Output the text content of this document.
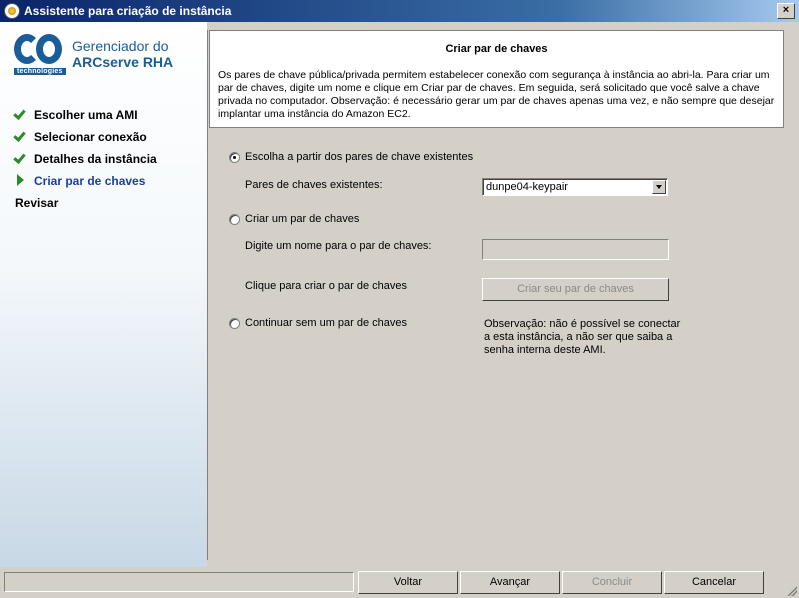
Assistente para criação de instância	×
technologies
Gerenciador do
ARCserve RHA
Escolher uma AMI
Selecionar conexão
Detalhes da instância
Criar par de chaves
Revisar
Criar par de chaves
Os pares de chave pública/privada permitem estabelecer conexão com segurança à instância ao abri-la. Para criar um par de chaves, digite um nome e clique em Criar par de chaves. Em seguida, será solicitado que você salve a chave privada no computador. Observação: é necessário gerar um par de chaves apenas uma vez, e não sempre que desejar implantar uma instância do Amazon EC2.
Escolha a partir dos pares de chave existentes
Pares de chaves existentes:	dunpe04-keypair
Criar um par de chaves
Digite um nome para o par de chaves:
Clique para criar o par de chaves	Criar seu par de chaves
Continuar sem um par de chaves	Observação: não é possível se conectar a esta instância, a não ser que saiba a senha interna deste AMI.
Voltar	Avançar	Concluir	Cancelar
